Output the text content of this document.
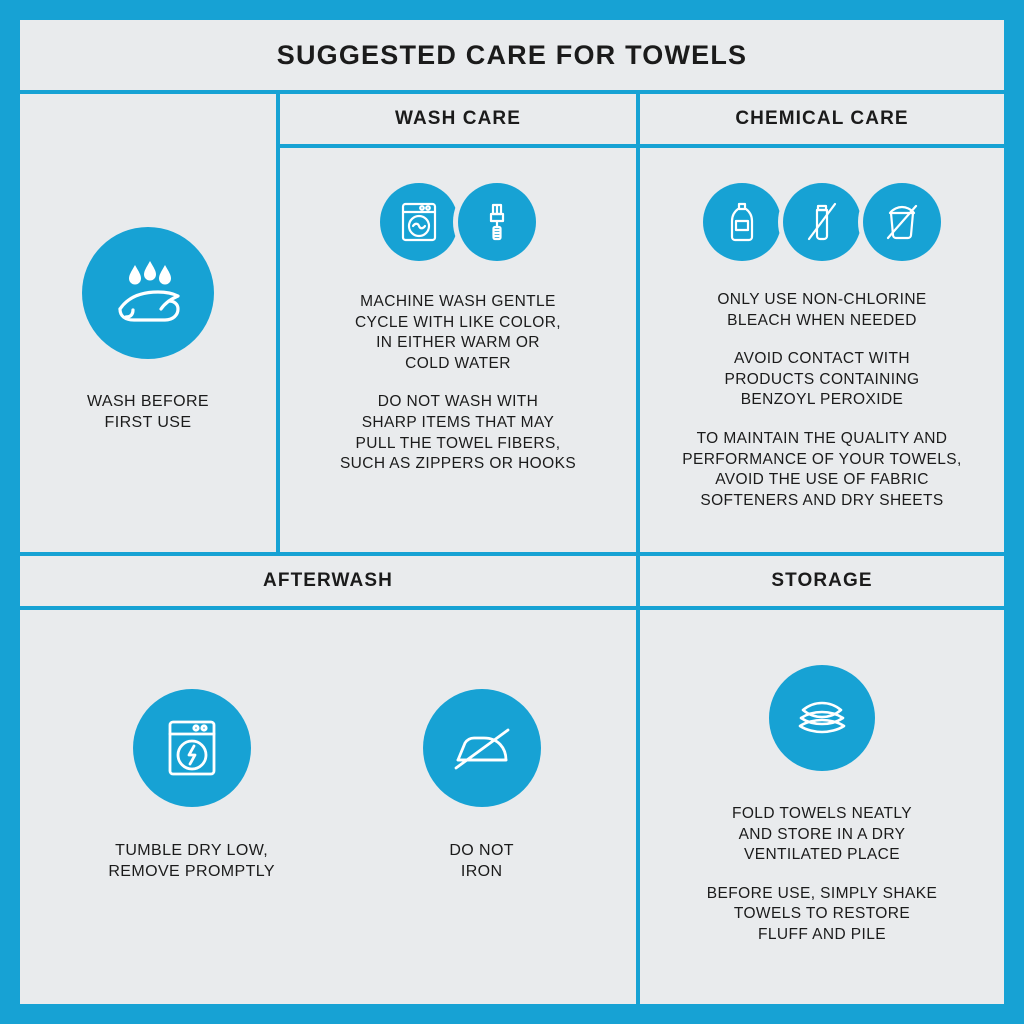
SUGGESTED CARE FOR TOWELS
WASH BEFORE
FIRST USE
WASH CARE
MACHINE WASH GENTLE
CYCLE WITH LIKE COLOR,
IN EITHER WARM OR
COLD WATER
DO NOT WASH WITH
SHARP ITEMS THAT MAY
PULL THE TOWEL FIBERS,
SUCH AS ZIPPERS OR HOOKS
CHEMICAL CARE
ONLY USE NON-CHLORINE
BLEACH WHEN NEEDED
AVOID CONTACT WITH
PRODUCTS CONTAINING
BENZOYL PEROXIDE
TO MAINTAIN THE QUALITY AND
PERFORMANCE OF YOUR TOWELS,
AVOID THE USE OF FABRIC
SOFTENERS AND DRY SHEETS
AFTERWASH
TUMBLE DRY LOW,
REMOVE PROMPTLY
DO NOT
IRON
STORAGE
FOLD TOWELS NEATLY
AND STORE IN A DRY
VENTILATED PLACE
BEFORE USE, SIMPLY SHAKE
TOWELS TO RESTORE
FLUFF AND PILE
